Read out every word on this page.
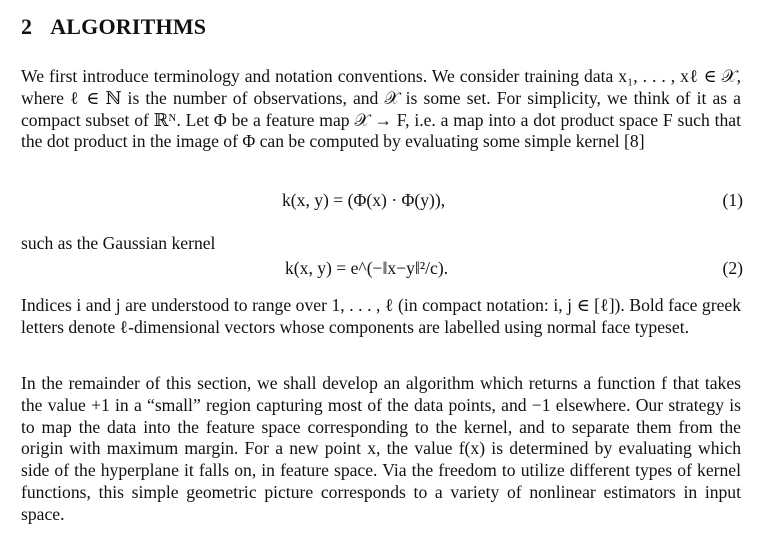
2 ALGORITHMS

We first introduce terminology and notation conventions. We consider training data x₁, . . . , xℓ ∈ 𝒳, where ℓ ∈ ℕ is the number of observations, and 𝒳 is some set. For simplicity, we think of it as a compact subset of ℝᴺ. Let Φ be a feature map 𝒳 → F, i.e. a map into a dot product space F such that the dot product in the image of Φ can be computed by evaluating some simple kernel [8]

k(x, y) = (Φ(x) · Φ(y)),	(1)

such as the Gaussian kernel

k(x, y) = e^(−‖x−y‖²/c).	(2)

Indices i and j are understood to range over 1, . . . , ℓ (in compact notation: i, j ∈ [ℓ]). Bold face greek letters denote ℓ-dimensional vectors whose components are labelled using normal face typeset.

In the remainder of this section, we shall develop an algorithm which returns a function f that takes the value +1 in a “small” region capturing most of the data points, and −1 elsewhere. Our strategy is to map the data into the feature space corresponding to the kernel, and to separate them from the origin with maximum margin. For a new point x, the value f(x) is determined by evaluating which side of the hyperplane it falls on, in feature space. Via the freedom to utilize different types of kernel functions, this simple geometric picture corresponds to a variety of nonlinear estimators in input space.
